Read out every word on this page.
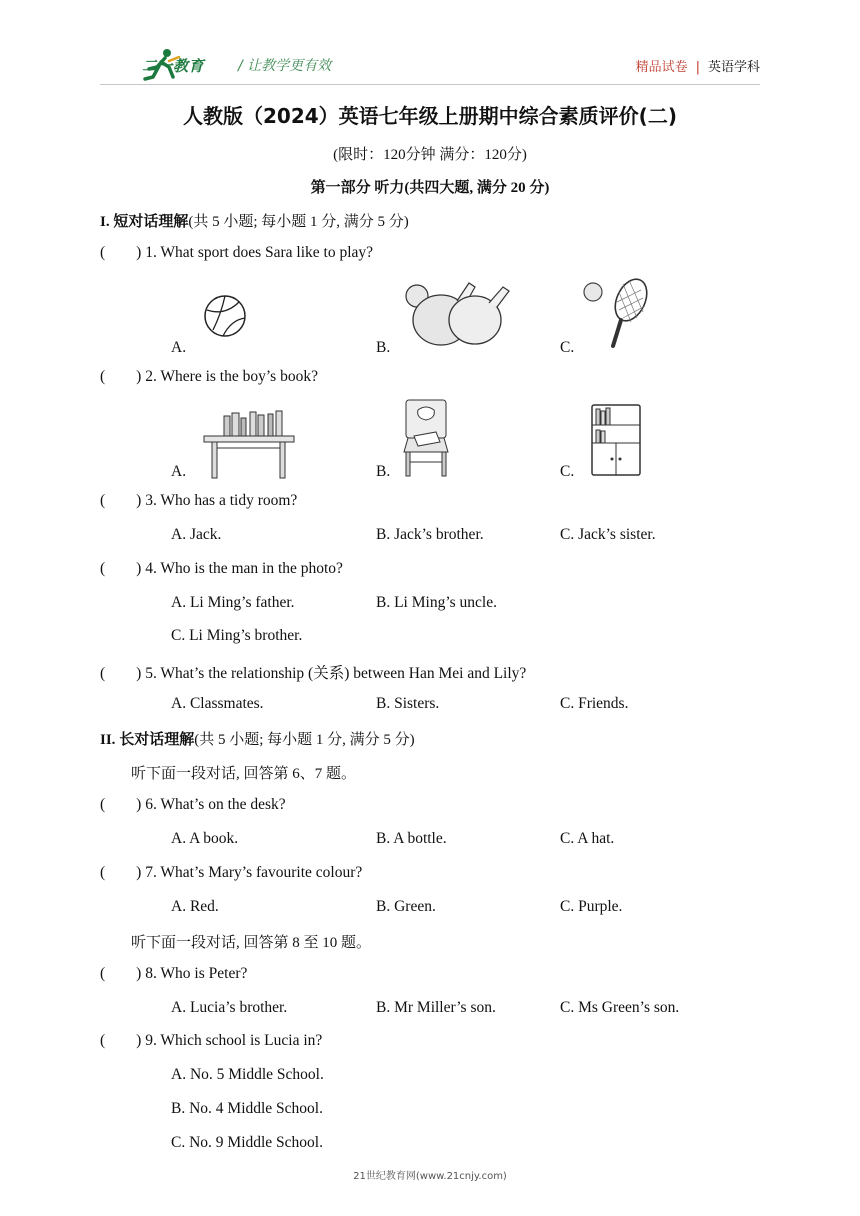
二一教育 / 让教学更有效	精品试卷 | 英语学科
人教版（2024）英语七年级上册期中综合素质评价(二)
(限时：120分钟 满分：120分)
第一部分 听力(共四大题, 满分 20 分)
I. 短对话理解(共 5 小题; 每小题 1 分, 满分 5 分)
(        ) 1. What sport does Sara like to play?
A.	B.	C.
(        ) 2. Where is the boy’s book?
A.	B.	C.
(        ) 3. Who has a tidy room?
A. Jack.	B. Jack’s brother.	C. Jack’s sister.
(        ) 4. Who is the man in the photo?
A. Li Ming’s father.	B. Li Ming’s uncle.
C. Li Ming’s brother.
(        ) 5. What’s the relationship (关系) between Han Mei and Lily?
A. Classmates.	B. Sisters.	C. Friends.
II. 长对话理解(共 5 小题; 每小题 1 分, 满分 5 分)
听下面一段对话, 回答第 6、7 题。
(        ) 6. What’s on the desk?
A. A book.	B. A bottle.	C. A hat.
(        ) 7. What’s Mary’s favourite colour?
A. Red.	B. Green.	C. Purple.
听下面一段对话, 回答第 8 至 10 题。
(        ) 8. Who is Peter?
A. Lucia’s brother.	B. Mr Miller’s son.	C. Ms Green’s son.
(        ) 9. Which school is Lucia in?
A. No. 5 Middle School.
B. No. 4 Middle School.
C. No. 9 Middle School.
21世纪教育网(www.21cnjy.com)
